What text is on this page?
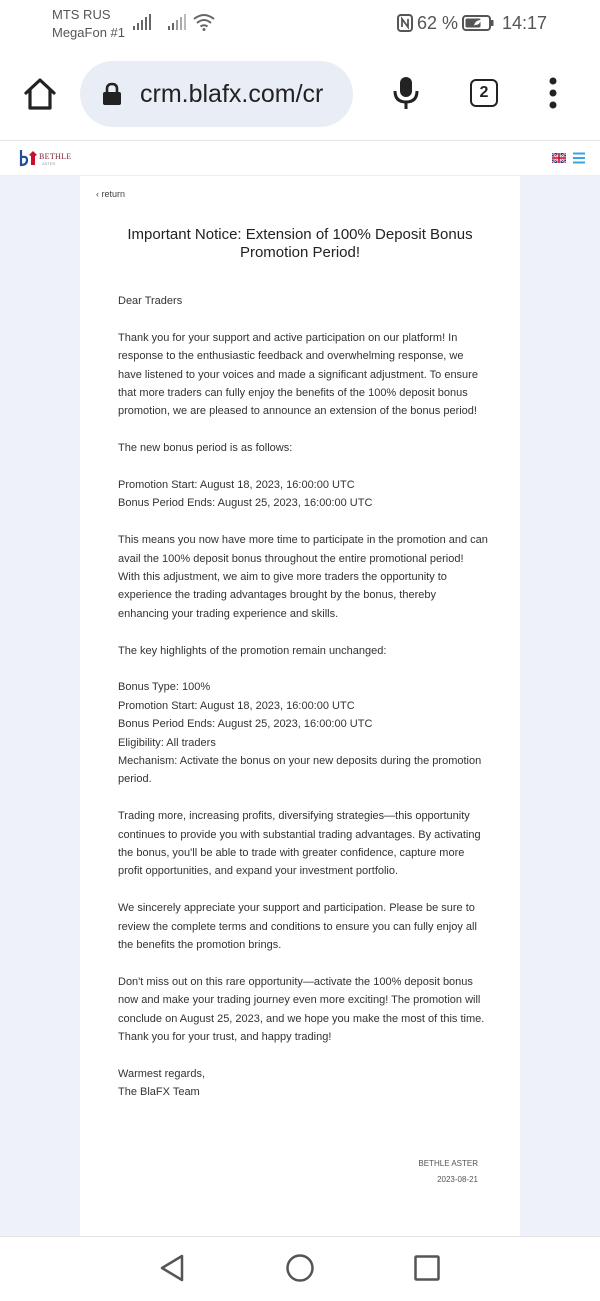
MTS RUS
MegaFon #1	62 % 14:17
crm.blafx.com/cr	2
BETHLE
ASTER
‹ return
Important Notice: Extension of 100% Deposit Bonus Promotion Period!

Dear Traders

Thank you for your support and active participation on our platform! In response to the enthusiastic feedback and overwhelming response, we have listened to your voices and made a significant adjustment. To ensure that more traders can fully enjoy the benefits of the 100% deposit bonus promotion, we are pleased to announce an extension of the bonus period!

The new bonus period is as follows:

Promotion Start: August 18, 2023, 16:00:00 UTC
Bonus Period Ends: August 25, 2023, 16:00:00 UTC

This means you now have more time to participate in the promotion and can avail the 100% deposit bonus throughout the entire promotional period! With this adjustment, we aim to give more traders the opportunity to experience the trading advantages brought by the bonus, thereby enhancing your trading experience and skills.

The key highlights of the promotion remain unchanged:

Bonus Type: 100%
Promotion Start: August 18, 2023, 16:00:00 UTC
Bonus Period Ends: August 25, 2023, 16:00:00 UTC
Eligibility: All traders
Mechanism: Activate the bonus on your new deposits during the promotion period.

Trading more, increasing profits, diversifying strategies—this opportunity continues to provide you with substantial trading advantages. By activating the bonus, you'll be able to trade with greater confidence, capture more profit opportunities, and expand your investment portfolio.

We sincerely appreciate your support and participation. Please be sure to review the complete terms and conditions to ensure you can fully enjoy all the benefits the promotion brings.

Don't miss out on this rare opportunity—activate the 100% deposit bonus now and make your trading journey even more exciting! The promotion will conclude on August 25, 2023, and we hope you make the most of this time. Thank you for your trust, and happy trading!

Warmest regards,
The BlaFX Team

BETHLE ASTER
2023-08-21
